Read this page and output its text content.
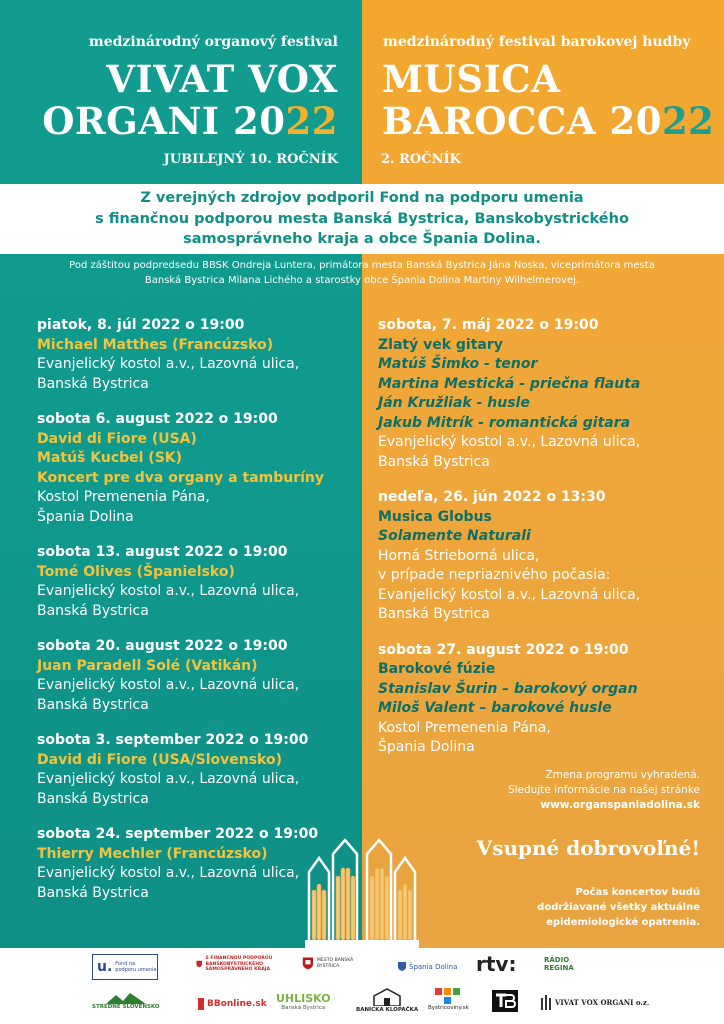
medzinárodný organový festival	medzinárodný festival barokovej hudby
VIVAT VOX
ORGANI 2022
MUSICA
BAROCCA 2022
JUBILEJNÝ 10. ROČNÍK	2. ROČNÍK
Z verejných zdrojov podporil Fond na podporu umenia
s finančnou podporou mesta Banská Bystrica, Banskobystrického
samosprávneho kraja a obce Špania Dolina.
Pod záštitou podpredsedu BBSK Ondreja Luntera, primátora mesta Banská Bystrica Jána Noska, viceprimátora mesta
Banská Bystrica Milana Lichého a starostky obce Špania Dolina Martiny Wilhelmerovej.
piatok, 8. júl 2022 o 19:00
Michael Matthes (Francúzsko)
Evanjelický kostol a.v., Lazovná ulica,
Banská Bystrica
sobota 6. august 2022 o 19:00
David di Fiore (USA)
Matúš Kucbel (SK)
Koncert pre dva organy a tamburíny
Kostol Premenenia Pána,
Špania Dolina
sobota 13. august 2022 o 19:00
Tomé Olives (Španielsko)
Evanjelický kostol a.v., Lazovná ulica,
Banská Bystrica
sobota 20. august 2022 o 19:00
Juan Paradell Solé (Vatikán)
Evanjelický kostol a.v., Lazovná ulica,
Banská Bystrica
sobota 3. september 2022 o 19:00
David di Fiore (USA/Slovensko)
Evanjelický kostol a.v., Lazovná ulica,
Banská Bystrica
sobota 24. september 2022 o 19:00
Thierry Mechler (Francúzsko)
Evanjelický kostol a.v., Lazovná ulica,
Banská Bystrica
sobota, 7. máj 2022 o 19:00
Zlatý vek gitary
Matúš Šimko - tenor
Martina Mestická - priečna flauta
Ján Kružliak - husle
Jakub Mitrík - romantická gitara
Evanjelický kostol a.v., Lazovná ulica,
Banská Bystrica
nedeľa, 26. jún 2022 o 13:30
Musica Globus
Solamente Naturali
Horná Strieborná ulica,
v prípade nepriaznivého počasia:
Evanjelický kostol a.v., Lazovná ulica,
Banská Bystrica
sobota 27. august 2022 o 19:00
Barokové fúzie
Stanislav Šurin – barokový organ
Miloš Valent – barokové husle
Kostol Premenenia Pána,
Špania Dolina
Zmena programu vyhradená.
Sledujte informácie na našej stránke
www.organspaniadolina.sk
Vsupné dobrovoľné!
Počas koncertov budú
dodržiavané všetky aktuálne
epidemiologické opatrenia.
u. Fond na podporu umenia
S FINANČNOU PODPOROU BANSKOBYSTRICKÉHO SAMOSPRÁVNEHO KRAJA
MESTO BANSKÁ BYSTRICA	Špania Dolina rtv:	RÁDIO
REGINA
STREDNÉ SLOVENSKO	BBonline.sk UHLISKO
Banská Bystrica	BANÍCKA KLOPAČKA Bystricoviny.sk
VIVAT VOX ORGANI o.z.
